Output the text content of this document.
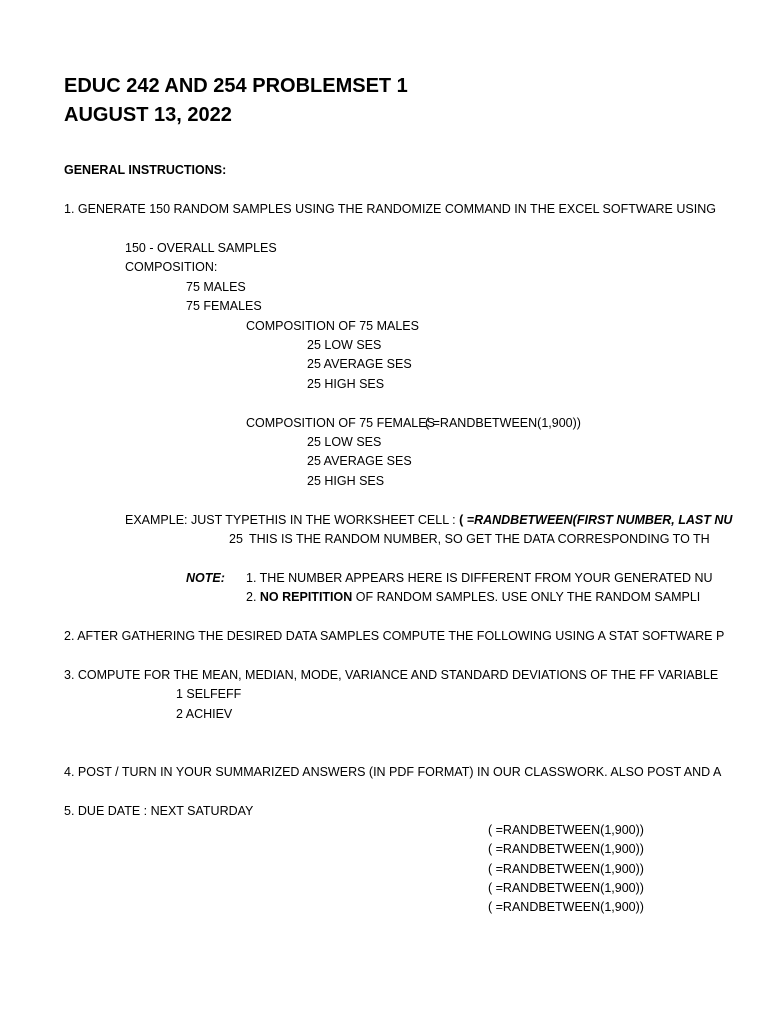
EDUC 242 AND 254 PROBLEMSET 1
AUGUST 13, 2022
GENERAL INSTRUCTIONS:
1. GENERATE 150 RANDOM SAMPLES USING THE RANDOMIZE COMMAND IN THE EXCEL SOFTWARE USING
150 - OVERALL SAMPLES
COMPOSITION:
75 MALES
75 FEMALES
COMPOSITION OF 75 MALES
25 LOW SES
25 AVERAGE SES
25 HIGH SES
COMPOSITION OF 75 FEMALES
( =RANDBETWEEN(1,900))
25 LOW SES
25 AVERAGE SES
25 HIGH SES
EXAMPLE: JUST TYPETHIS IN THE WORKSHEET CELL : ( =RANDBETWEEN(FIRST NUMBER, LAST NU
25 THIS IS THE RANDOM NUMBER, SO GET THE DATA CORRESPONDING TO TH
NOTE: 1. THE NUMBER APPEARS HERE IS DIFFERENT FROM YOUR GENERATED NU
2. NO REPITITION OF RANDOM SAMPLES. USE ONLY THE RANDOM SAMPLI
2. AFTER GATHERING THE DESIRED DATA SAMPLES COMPUTE THE FOLLOWING USING A STAT SOFTWARE P
3. COMPUTE FOR THE MEAN, MEDIAN, MODE, VARIANCE AND STANDARD DEVIATIONS OF THE FF VARIABLE
1 SELFEFF
2 ACHIEV
4. POST / TURN IN YOUR SUMMARIZED ANSWERS (IN PDF FORMAT) IN OUR CLASSWORK. ALSO POST AND A
5. DUE DATE : NEXT SATURDAY
( =RANDBETWEEN(1,900))
( =RANDBETWEEN(1,900))
( =RANDBETWEEN(1,900))
( =RANDBETWEEN(1,900))
( =RANDBETWEEN(1,900))
